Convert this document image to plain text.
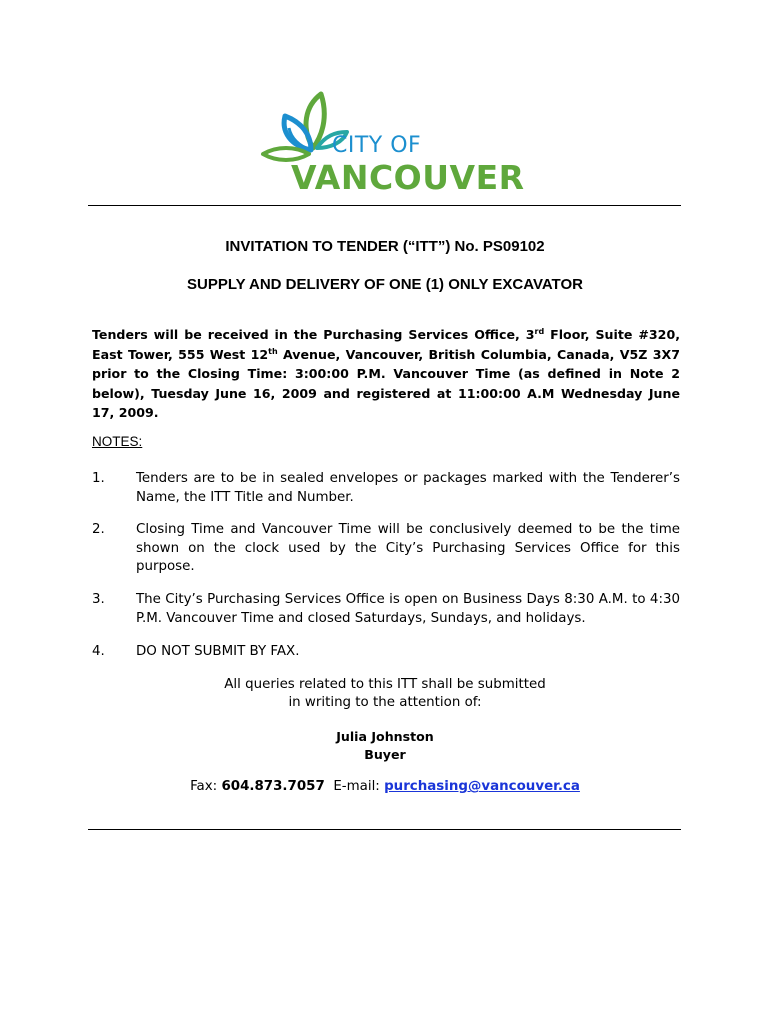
CITY OF
VANCOUVER
INVITATION TO TENDER (“ITT”) No. PS09102
SUPPLY AND DELIVERY OF ONE (1) ONLY EXCAVATOR
Tenders will be received in the Purchasing Services Office, 3rd Floor, Suite #320, East Tower, 555 West 12th Avenue, Vancouver, British Columbia, Canada, V5Z 3X7 prior to the Closing Time: 3:00:00 P.M. Vancouver Time (as defined in Note 2 below), Tuesday June 16, 2009 and registered at 11:00:00 A.M Wednesday June 17, 2009.
NOTES:
1. Tenders are to be in sealed envelopes or packages marked with the Tenderer’s Name, the ITT Title and Number.
2. Closing Time and Vancouver Time will be conclusively deemed to be the time shown on the clock used by the City’s Purchasing Services Office for this purpose.
3. The City’s Purchasing Services Office is open on Business Days 8:30 A.M. to 4:30 P.M. Vancouver Time and closed Saturdays, Sundays, and holidays.
4. DO NOT SUBMIT BY FAX.
All queries related to this ITT shall be submitted
in writing to the attention of:
Julia Johnston
Buyer
Fax: 604.873.7057 E-mail: purchasing@vancouver.ca
